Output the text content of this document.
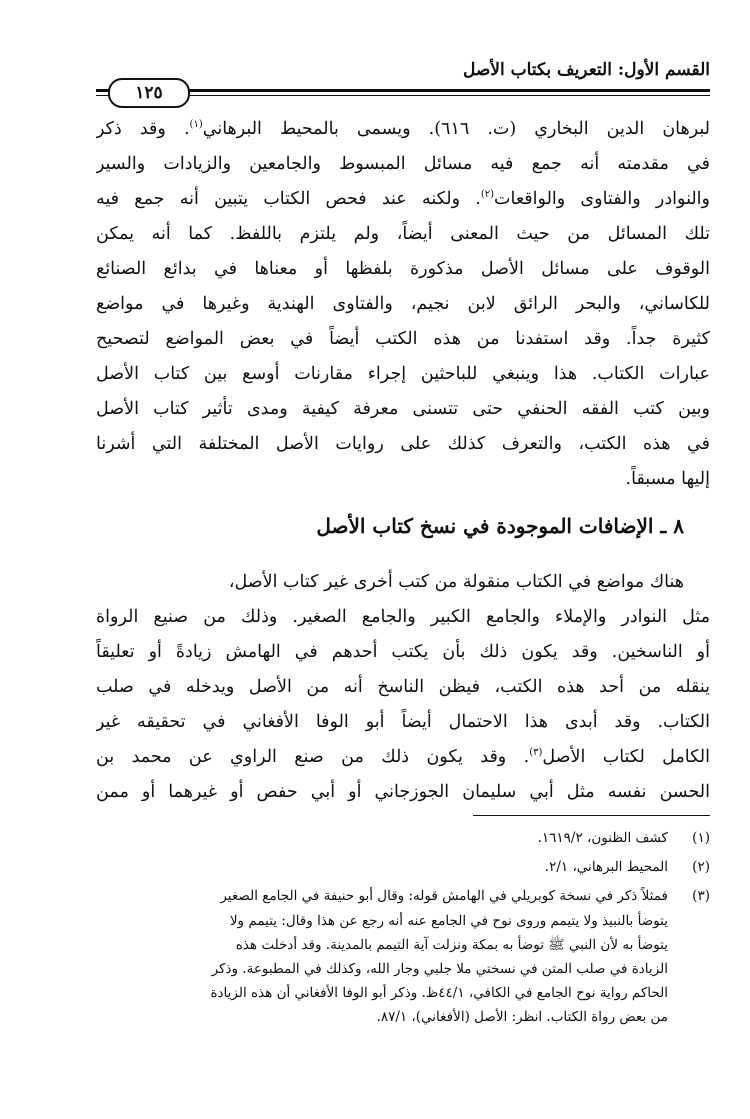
القسم الأول: التعريف بكتاب الأصل
١٢٥
لبرهان الدين البخاري (ت. ٦١٦). ويسمى بالمحيط البرهاني$^{(١)}$. وقد ذكر
في مقدمته أنه جمع فيه مسائل المبسوط والجامعين والزيادات والسير
والنوادر والفتاوى والواقعات$^{(٢)}$. ولكنه عند فحص الكتاب يتبين أنه جمع فيه
تلك المسائل من حيث المعنى أيضاً، ولم يلتزم باللفظ. كما أنه يمكن
الوقوف على مسائل الأصل مذكورة بلفظها أو معناها في بدائع الصنائع
للكاساني، والبحر الرائق لابن نجيم، والفتاوى الهندية وغيرها في مواضع
كثيرة جداً. وقد استفدنا من هذه الكتب أيضاً في بعض المواضع لتصحيح
عبارات الكتاب. هذا وينبغي للباحثين إجراء مقارنات أوسع بين كتاب الأصل
وبين كتب الفقه الحنفي حتى تتسنى معرفة كيفية ومدى تأثير كتاب الأصل
في هذه الكتب، والتعرف كذلك على روايات الأصل المختلفة التي أشرنا
إليها مسبقاً.
٨ ـ الإضافات الموجودة في نسخ كتاب الأصل
هناك مواضع في الكتاب منقولة من كتب أخرى غير كتاب الأصل،
مثل النوادر والإملاء والجامع الكبير والجامع الصغير. وذلك من صنيع الرواة
أو الناسخين. وقد يكون ذلك بأن يكتب أحدهم في الهامش زيادةً أو تعليقاً
ينقله من أحد هذه الكتب، فيظن الناسخ أنه من الأصل ويدخله في صلب
الكتاب. وقد أبدى هذا الاحتمال أيضاً أبو الوفا الأفغاني في تحقيقه غير
الكامل لكتاب الأصل$^{(٣)}$. وقد يكون ذلك من صنع الراوي عن محمد بن
الحسن نفسه مثل أبي سليمان الجوزجاني أو أبي حفص أو غيرهما أو ممن
(١)
كشف الظنون، ١٦١٩/٢.
(٢)
المحيط البرهاني، ٢/١.
(٣)
فمثلاً ذكر في نسخة كوبريلي في الهامش قوله: وقال أبو حنيفة في الجامع الصغير
يتوضأ بالنبيذ ولا يتيمم وروى نوح في الجامع عنه أنه رجع عن هذا وقال: يتيمم ولا
يتوضأ به لأن النبي ﷺ توضأ به بمكة ونزلت آية التيمم بالمدينة. وقد أدخلت هذه
الزيادة في صلب المتن في نسختي ملا جلبي وجار الله، وكذلك في المطبوعة. وذكر
الحاكم رواية نوح الجامع في الكافي، ٤٤/١ظ. وذكر أبو الوفا الأفغاني أن هذه الزيادة
من بعض رواة الكتاب. انظر: الأصل (الأفغاني)، ٨٧/١.
